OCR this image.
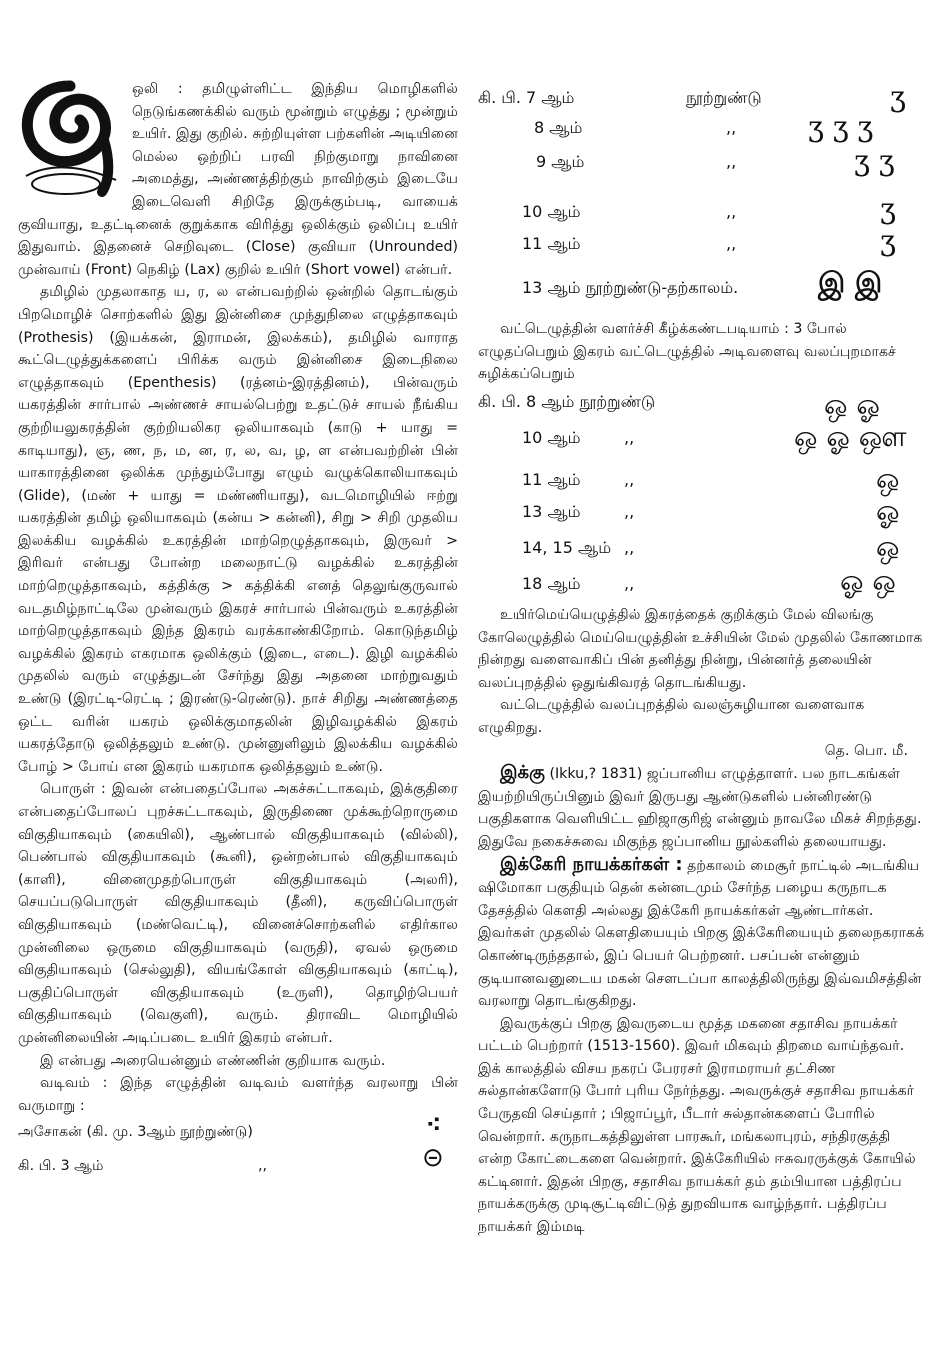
ஒலி : தமிழுள்ளிட்ட இந்திய மொழிகளில் நெடுங்கணக்கில் வரும் மூன்றும் எழுத்து ; மூன்றும் உயிர். இது குறில். சுற்றியுள்ள பற்களின் அடியினை மெல்ல ஒற்றிப் பரவி நிற்குமாறு நாவினை அமைத்து, அண்ணத்திற்கும் நாவிற்கும் இடையே இடைவெளி சிறிதே இருக்கும்படி, வாயைக் குவியாது, உதட்டினைக் குறுக்காக விரித்து ஒலிக்கும் ஒலிப்பு உயிர் இதுவாம். இதனைச் செறிவுடை (Close) குவியா (Unrounded) முன்வாய் (Front) நெகிழ் (Lax) குறில் உயிர் (Short vowel) என்பர்.

தமிழில் முதலாகாத ய, ர, ல என்பவற்றில் ஒன்றில் தொடங்கும் பிறமொழிச் சொற்களில் இது இன்னிசை முந்துநிலை எழுத்தாகவும் (Prothesis) (இயக்கன், இராமன், இலக்கம்), தமிழில் வாராத கூட்டெழுத்துக்களைப் பிரிக்க வரும் இன்னிசை இடைநிலை எழுத்தாகவும் (Epenthesis) (ரத்னம்-இரத்தினம்), பின்வரும் யகரத்தின் சார்பால் அண்ணச் சாயல்பெற்று உதட்டுச் சாயல் நீங்கிய குற்றியலுகரத்தின் குற்றியலிகர ஒலியாகவும் (காடு + யாது = காடியாது), ஞ, ண, ந, ம, ன, ர, ல, வ, ழ, ள என்பவற்றின் பின் யாகாரத்தினை ஒலிக்க முந்தும்போது எழும் வழுக்கொலியாகவும் (Glide), (மண் + யாது = மண்ணியாது), வடமொழியில் ஈற்று யகரத்தின் தமிழ் ஒலியாகவும் (கன்ய > கன்னி), சிறு > சிறி முதலிய இலக்கிய வழக்கில் உகரத்தின் மாற்றெழுத்தாகவும், இருவர் > இரிவர் என்பது போன்ற மலைநாட்டு வழக்கில் உகரத்தின் மாற்றெழுத்தாகவும், கத்திக்கு > கத்திக்கி எனத் தெலுங்குருவால் வடதமிழ்நாட்டிலே முன்வரும் இகரச் சார்பால் பின்வரும் உகரத்தின் மாற்றெழுத்தாகவும் இந்த இகரம் வரக்காண்கிறோம். கொடுந்தமிழ் வழக்கில் இகரம் எகரமாக ஒலிக்கும் (இடை, எடை). இழி வழக்கில் முதலில் வரும் எழுத்துடன் சேர்ந்து இது அதனை மாற்றுவதும் உண்டு (இரட்டி-ரெட்டி ; இரண்டு-ரெண்டு). நாச் சிறிது அண்ணத்தை ஒட்ட வரின் யகரம் ஒலிக்குமாதலின் இழிவழக்கில் இகரம் யகரத்தோடு ஒலித்தலும் உண்டு. முன்னுளிலும் இலக்கிய வழக்கில் போழ் > போய் என இகரம் யகரமாக ஒலித்தலும் உண்டு.

பொருள் : இவன் என்பதைப்போல அகச்சுட்டாகவும், இக்குதிரை என்பதைப்போலப் புறச்சுட்டாகவும், இருதிணை முக்கூற்றொருமை விகுதியாகவும் (கையிலி), ஆண்பால் விகுதியாகவும் (வில்லி), பெண்பால் விகுதியாகவும் (கூனி), ஒன்றன்பால் விகுதியாகவும் (காளி), வினைமுதற்பொருள் விகுதியாகவும் (அலரி), செயப்படுபொருள் விகுதியாகவும் (தீனி), கருவிப்பொருள் விகுதியாகவும் (மண்வெட்டி), வினைச்சொற்களில் எதிர்கால முன்னிலை ஒருமை விகுதியாகவும் (வருதி), ஏவல் ஒருமை விகுதியாகவும் (செல்லுதி), வியங்கோள் விகுதியாகவும் (காட்டி), பகுதிப்பொருள் விகுதியாகவும் (உருளி), தொழிற்பெயர் விகுதியாகவும் (வெகுளி), வரும். திராவிட மொழியில் முன்னிலையின் அடிப்படை உயிர் இகரம் என்பர்.

இ என்பது அரையென்னும் எண்ணின் குறியாக வரும்.

வடிவம் : இந்த எழுத்தின் வடிவம் வளர்ந்த வரலாறு பின் வருமாறு :

அசோகன் (கி. மு. 3ஆம் நூற்றுண்டு)	⁖
கி. பி. 3 ஆம்	,,	⊝
கி. பி. 7 ஆம்	நூற்றுண்டு	ʒ
8 ஆம்	,,	ʒ ʒ ʒ
9 ஆம்	,,	ʒ ʒ
10 ஆம்	,,	ʒ
11 ஆம்	,,	ʒ
13 ஆம் நூற்றுண்டு-தற்காலம்.	இ இ

வட்டெழுத்தின் வளர்ச்சி கீழ்க்கண்டபடியாம் : 3 போல் எழுதப்பெறும் இகரம் வட்டெழுத்தில் அடிவளைவு வலப்புறமாகச் சுழிக்கப்பெறும்

கி. பி. 8 ஆம் நூற்றுண்டு	ஒ ஓ
10 ஆம்	,,	ஒ ஓ ஔ
11 ஆம்	,,	ஒ
13 ஆம்	,,	ஓ
14, 15 ஆம் ,,	ஒ
18 ஆம்	,,	ஓ ஒ

உயிர்மெய்யெழுத்தில் இகரத்தைக் குறிக்கும் மேல் விலங்கு கோலெழுத்தில் மெய்யெழுத்தின் உச்சியின் மேல் முதலில் கோணமாக நின்றது வளைவாகிப் பின் தனித்து நின்று, பின்னர்த் தலையின் வலப்புறத்தில் ஒதுங்கிவரத் தொடங்கியது.

வட்டெழுத்தில் வலப்புறத்தில் வலஞ்சுழியான வளைவாக எழுகிறது.

தெ. பொ. மீ.

இக்கு (Ikku,? 1831) ஜப்பானிய எழுத்தாளர். பல நாடகங்கள் இயற்றியிருப்பினும் இவர் இருபது ஆண்டுகளில் பன்னிரண்டு பகுதிகளாக வெளியிட்ட ஹிஜாகுரிஜ் என்னும் நாவலே மிகச் சிறந்தது. இதுவே நகைச்சுவை மிகுந்த ஜப்பானிய நூல்களில் தலையாயது.

இக்கேரி நாயக்கர்கள் : தற்காலம் மைசூர் நாட்டில் அடங்கிய ஷிமோகா பகுதியும் தென் கன்னடமும் சேர்ந்த பழைய கருநாடக தேசத்தில் கெளதி அல்லது இக்கேரி நாயக்கர்கள் ஆண்டார்கள். இவர்கள் முதலில் கெளதியையும் பிறகு இக்கேரியையும் தலைநகராகக் கொண்டிருந்ததால், இப் பெயர் பெற்றனர். பசப்பன் என்னும் குடியானவனுடைய மகன் செளடப்பா காலத்திலிருந்து இவ்வமிசத்தின் வரலாறு தொடங்குகிறது.

இவருக்குப் பிறகு இவருடைய மூத்த மகனை சதாசிவ நாயக்கர் பட்டம் பெற்றார் (1513-1560). இவர் மிகவும் திறமை வாய்ந்தவர். இக் காலத்தில் விசய நகரப் பேரரசர் இராமராயர் தட்சிண சுல்தான்களோடு போர் புரிய நேர்ந்தது. அவருக்குச் சதாசிவ நாயக்கர் பேருதவி செய்தார் ; பிஜாப்பூர், பீடார் சுல்தான்களைப் போரில் வென்றார். கருநாடகத்திலுள்ள பாரகூர், மங்கலாபுரம், சந்திரகுத்தி என்ற கோட்டைகளை வென்றார். இக்கேரியில் ஈசுவரருக்குக் கோயில் கட்டினார். இதன் பிறகு, சதாசிவ நாயக்கர் தம் தம்பியான பத்திரப்ப நாயக்கருக்கு முடிசூட்டிவிட்டுத் துறவியாக வாழ்ந்தார். பத்திரப்ப நாயக்கர் இம்மடி
